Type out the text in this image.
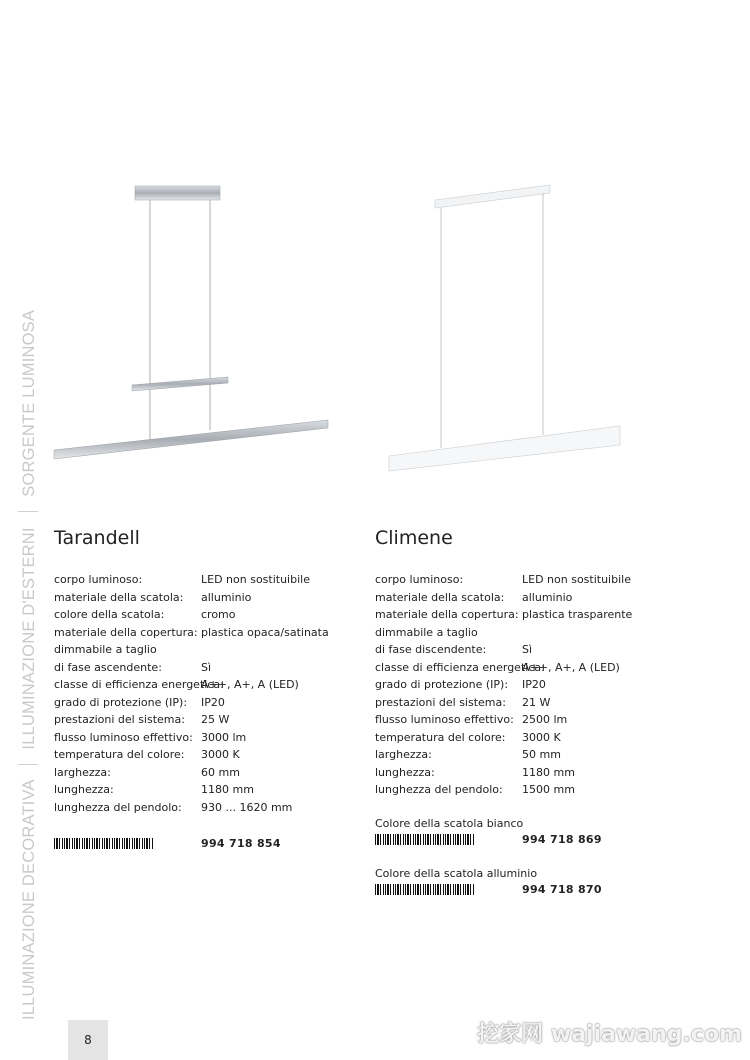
ILLUMINAZIONE DECORATIVA  ILLUMINAZIONE D'ESTERNI  SORGENTE LUMINOSA
Tarandell
corpo luminoso:	LED non sostituibile
materiale della scatola:	alluminio
colore della scatola:	cromo
materiale della copertura: plastica opaca/satinata
dimmabile a taglio
di fase ascendente:	Sì
classe di efficienza energetica:
A++, A+, A (LED)
grado di protezione (IP):	IP20
prestazioni del sistema:	25 W
flusso luminoso effettivo: 3000 lm
temperatura del colore:	3000 K
larghezza:	60 mm
lunghezza:	1180 mm
lunghezza del pendolo:	930 ... 1620 mm
994 718 854
Climene
corpo luminoso:	LED non sostituibile
materiale della scatola:	alluminio
materiale della copertura: plastica trasparente
dimmabile a taglio
di fase discendente:	Sì
classe di efficienza energetica:
A++, A+, A (LED)
grado di protezione (IP):	IP20
prestazioni del sistema:	21 W
flusso luminoso effettivo: 2500 lm
temperatura del colore:	3000 K
larghezza:	50 mm
lunghezza:	1180 mm
lunghezza del pendolo:	1500 mm
Colore della scatola bianco
994 718 869
Colore della scatola alluminio
994 718 870
8	挖家网 wajiawang.com
